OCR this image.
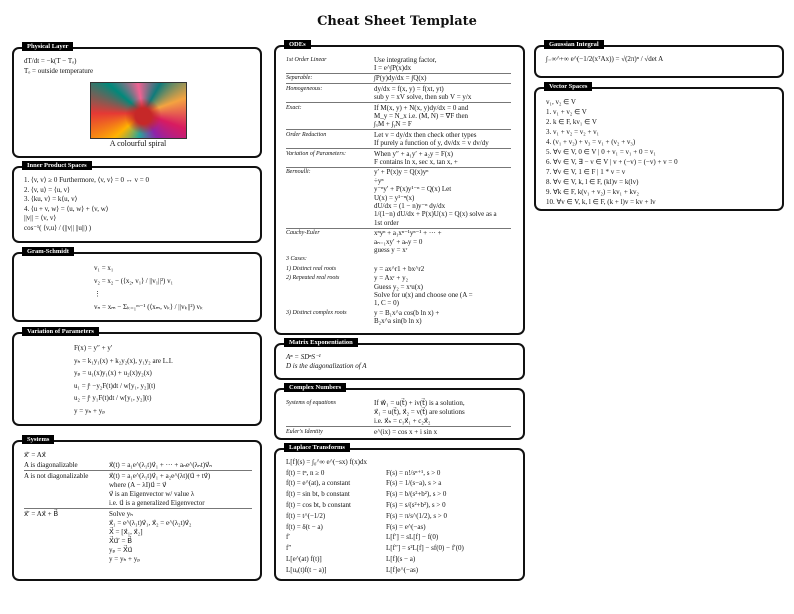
Cheat Sheet Template
Physical Layer
dT/dt = −k(T − Tₒ)
Tₒ = outside temperature
A colourful spiral
Inner Product Spaces
1. ⟨v, v⟩ ≥ 0 Furthermore, ⟨v, v⟩ = 0 ↔ v = 0
2. ⟨v, u⟩ = ⟨u, v⟩
3. ⟨ku, v⟩ = k⟨u, v⟩
4. ⟨u + v, w⟩ = ⟨u, w⟩ + ⟨v, w⟩
||v|| = ⟨v, v⟩
cos⁻¹( ⟨v,u⟩ / (||v|| ||u||) )
Gram-Schmidt
v₁ = x₁
v₂ = x₂ − (⟨x₂, v₁⟩ / ||v₁||²) v₁
⋮
vₙ = xₘ − Σₖ₌₁ᵐ⁻¹ (⟨xₘ, vₖ⟩ / ||vₖ||²) vₖ
Variation of Parameters
F(x) = y″ + y′
yₕ = k₁y₁(x) + k₂y₂(x), y₁y₂ are L.I.
yₚ = u₁(x)y₁(x) + u₂(x)y₂(x)
u₁ = ∫ᵗ −y₂F(t)dt / w[y₁, y₂](t)
u₂ = ∫ᵗ y₁F(t)dt / w[y₁, y₂](t)
y = yₕ + yₚ
Systems
x⃗′ = Ax⃗

A is diagonalizable	x⃗(t) = a₁e^(λ₁t)v⃗₁ + ··· + aₙe^(λₙt)v⃗ₙ
A is not diagonalizable	x⃗(t) = a₁e^(λ₁t)v⃗₁ + a₂e^(λt)(u⃗ + tv⃗)
where (A − λI)u⃗ = v⃗
v⃗ is an Eigenvector w/ value λ
i.e. u⃗ is a generalized Eigenvector
x⃗′ = Ax⃗ + B⃗	Solve yₕ
x⃗₁ = e^(λ₁t)v⃗₁, x⃗₂ = e^(λ₂t)v⃗₂
X⃗ = [x⃗₁, x⃗₂]
X⃗u⃗′ = B⃗
yₚ = X⃗u⃗
y = yₕ + yₚ
ODEs
1st Order Linear	Use integrating factor,
I = e^∫P(x)dx
Separable:	∫P(y)dy/dx = ∫Q(x)
Homogeneous:	dy/dx = f(x, y) = f(xt, yt)
sub y = xV solve, then sub V = y/x
Exact:	If M(x, y) + N(x, y)dy/dx = 0 and
M_y = N_x i.e. (M, N) = ∇F then
∫ₓM + ∫ᵧN = F
Order Reduction	Let v = dy/dx then check other types
If purely a function of y, dv/dx = v dv/dy
Variation of Parameters:	When y″ + a₁y′ + a₂y = F(x)
F contains ln x, sec x, tan x, +
Bernoulli:	y′ + P(x)y = Q(x)yⁿ
÷yⁿ
y⁻ⁿy′ + P(x)y¹⁻ⁿ = Q(x) Let
U(x) = y¹⁻ⁿ(x)
dU/dx = (1 − n)y⁻ⁿ dy/dx
1/(1−n) dU/dx + P(x)U(x) = Q(x) solve as a
1st order
Cauchy-Euler	xⁿyⁿ + a₁xⁿ⁻¹yⁿ⁻¹ + ··· +
aₙ₋₁xy′ + aₙy = 0
guess y = xʳ
3 Cases:

1) Distinct real roots	y = ax^r1 + bx^r2
2) Repeated real roots	y = Axʳ + y₂
Guess y₂ = xʳu(x)
Solve for u(x) and choose one (A =
1, C = 0)
3) Distinct complex roots	y = B₁x^a cos(b ln x) +
B₂x^a sin(b ln x)
Matrix Exponentiation
Aⁿ = SDⁿS⁻¹
D is the diagonalization of A
Complex Numbers
Systems of equations	If w⃗₁ = u(t⃗) + iv(t⃗) is a solution,
x⃗₁ = u(t⃗), x⃗₂ = v(t⃗) are solutions
i.e. x⃗ₕ = c₁x⃗₁ + c₂x⃗₂
Euler's Identity	e^(ix) = cos x + i sin x
Laplace Transforms
L[f](s) = ∫₀^∞ e^(−sx) f(x)dx
f(t) = tⁿ, n ≥ 0	F(s) = n!/sⁿ⁺¹, s > 0
f(t) = e^(at), a constant	F(s) = 1/(s−a), s > a
f(t) = sin bt, b constant	F(s) = b/(s²+b²), s > 0
f(t) = cos bt, b constant	F(s) = s/(s²+b²), s > 0
f(t) = t^(−1/2)	F(s) = π/s^(1/2), s > 0
f(t) = δ(t − a)	F(s) = e^(−as)
f′	L[f′] = sL[f] − f(0)
f″	L[f″] = s²L[f] − sf(0) − f′(0)
L[e^(at) f(t)]	L[f](s − a)
L[uₐ(t)f(t − a)]	L[f]e^(−as)
Gaussian Integral
∫₋∞^+∞ e^(−1/2(xᵀAx)) = √(2π)ⁿ / √det A
Vector Spaces
v₁, v₂ ∈ V
1. v₁ + v₂ ∈ V
2. k ∈ F, kv₁ ∈ V
3. v₁ + v₂ = v₂ + v₁
4. (v₁ + v₂) + v₃ = v₁ + (v₂ + v₃)
5. ∀v ∈ V, 0 ∈ V | 0 + v₁ = v₁ + 0 = v₁
6. ∀v ∈ V, ∃ − v ∈ V | v + (−v) = (−v) + v = 0
7. ∀v ∈ V, 1 ∈ F | 1 * v = v
8. ∀v ∈ V, k, l ∈ F, (kl)v = k(lv)
9. ∀k ∈ F, k(v₁ + v₂) = kv₁ + kv₂
10. ∀v ∈ V, k, l ∈ F, (k + l)v = kv + lv
